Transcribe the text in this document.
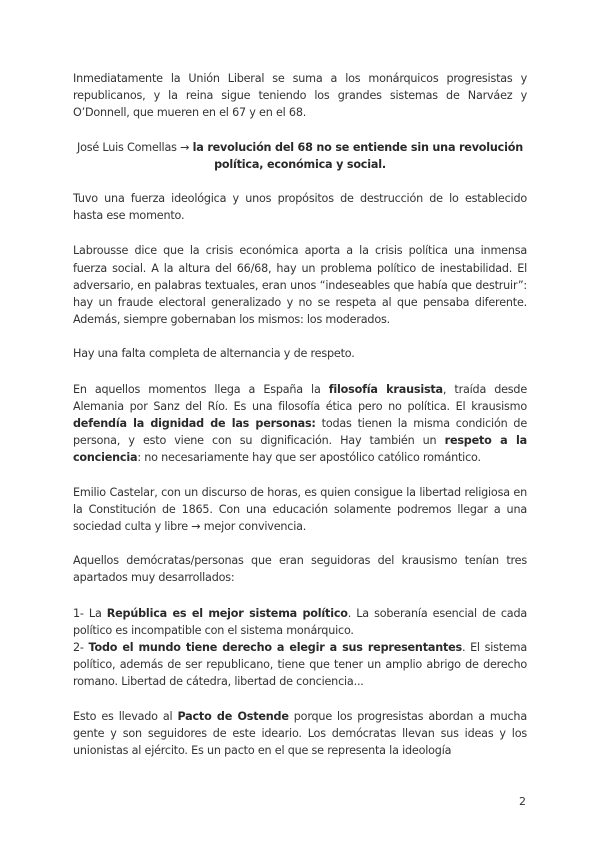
Inmediatamente la Unión Liberal se suma a los monárquicos progresistas y republicanos, y la reina sigue teniendo los grandes sistemas de Narváez y O’Donnell, que mueren en el 67 y en el 68.

José Luis Comellas → la revolución del 68 no se entiende sin una revolución política, económica y social.

Tuvo una fuerza ideológica y unos propósitos de destrucción de lo establecido hasta ese momento.

Labrousse dice que la crisis económica aporta a la crisis política una inmensa fuerza social. A la altura del 66/68, hay un problema político de inestabilidad. El adversario, en palabras textuales, eran unos “indeseables que había que destruir”: hay un fraude electoral generalizado y no se respeta al que pensaba diferente. Además, siempre gobernaban los mismos: los moderados.

Hay una falta completa de alternancia y de respeto.

En aquellos momentos llega a España la filosofía krausista, traída desde Alemania por Sanz del Río. Es una filosofía ética pero no política. El krausismo defendía la dignidad de las personas: todas tienen la misma condición de persona, y esto viene con su dignificación. Hay también un respeto a la conciencia: no necesariamente hay que ser apostólico católico romántico.

Emilio Castelar, con un discurso de horas, es quien consigue la libertad religiosa en la Constitución de 1865. Con una educación solamente podremos llegar a una sociedad culta y libre → mejor convivencia.

Aquellos demócratas/personas que eran seguidoras del krausismo tenían tres apartados muy desarrollados:

1- La República es el mejor sistema político. La soberanía esencial de cada político es incompatible con el sistema monárquico.

2- Todo el mundo tiene derecho a elegir a sus representantes. El sistema político, además de ser republicano, tiene que tener un amplio abrigo de derecho romano. Libertad de cátedra, libertad de conciencia...

Esto es llevado al Pacto de Ostende porque los progresistas abordan a mucha gente y son seguidores de este ideario. Los demócratas llevan sus ideas y los unionistas al ejército. Es un pacto en el que se representa la ideología

2
